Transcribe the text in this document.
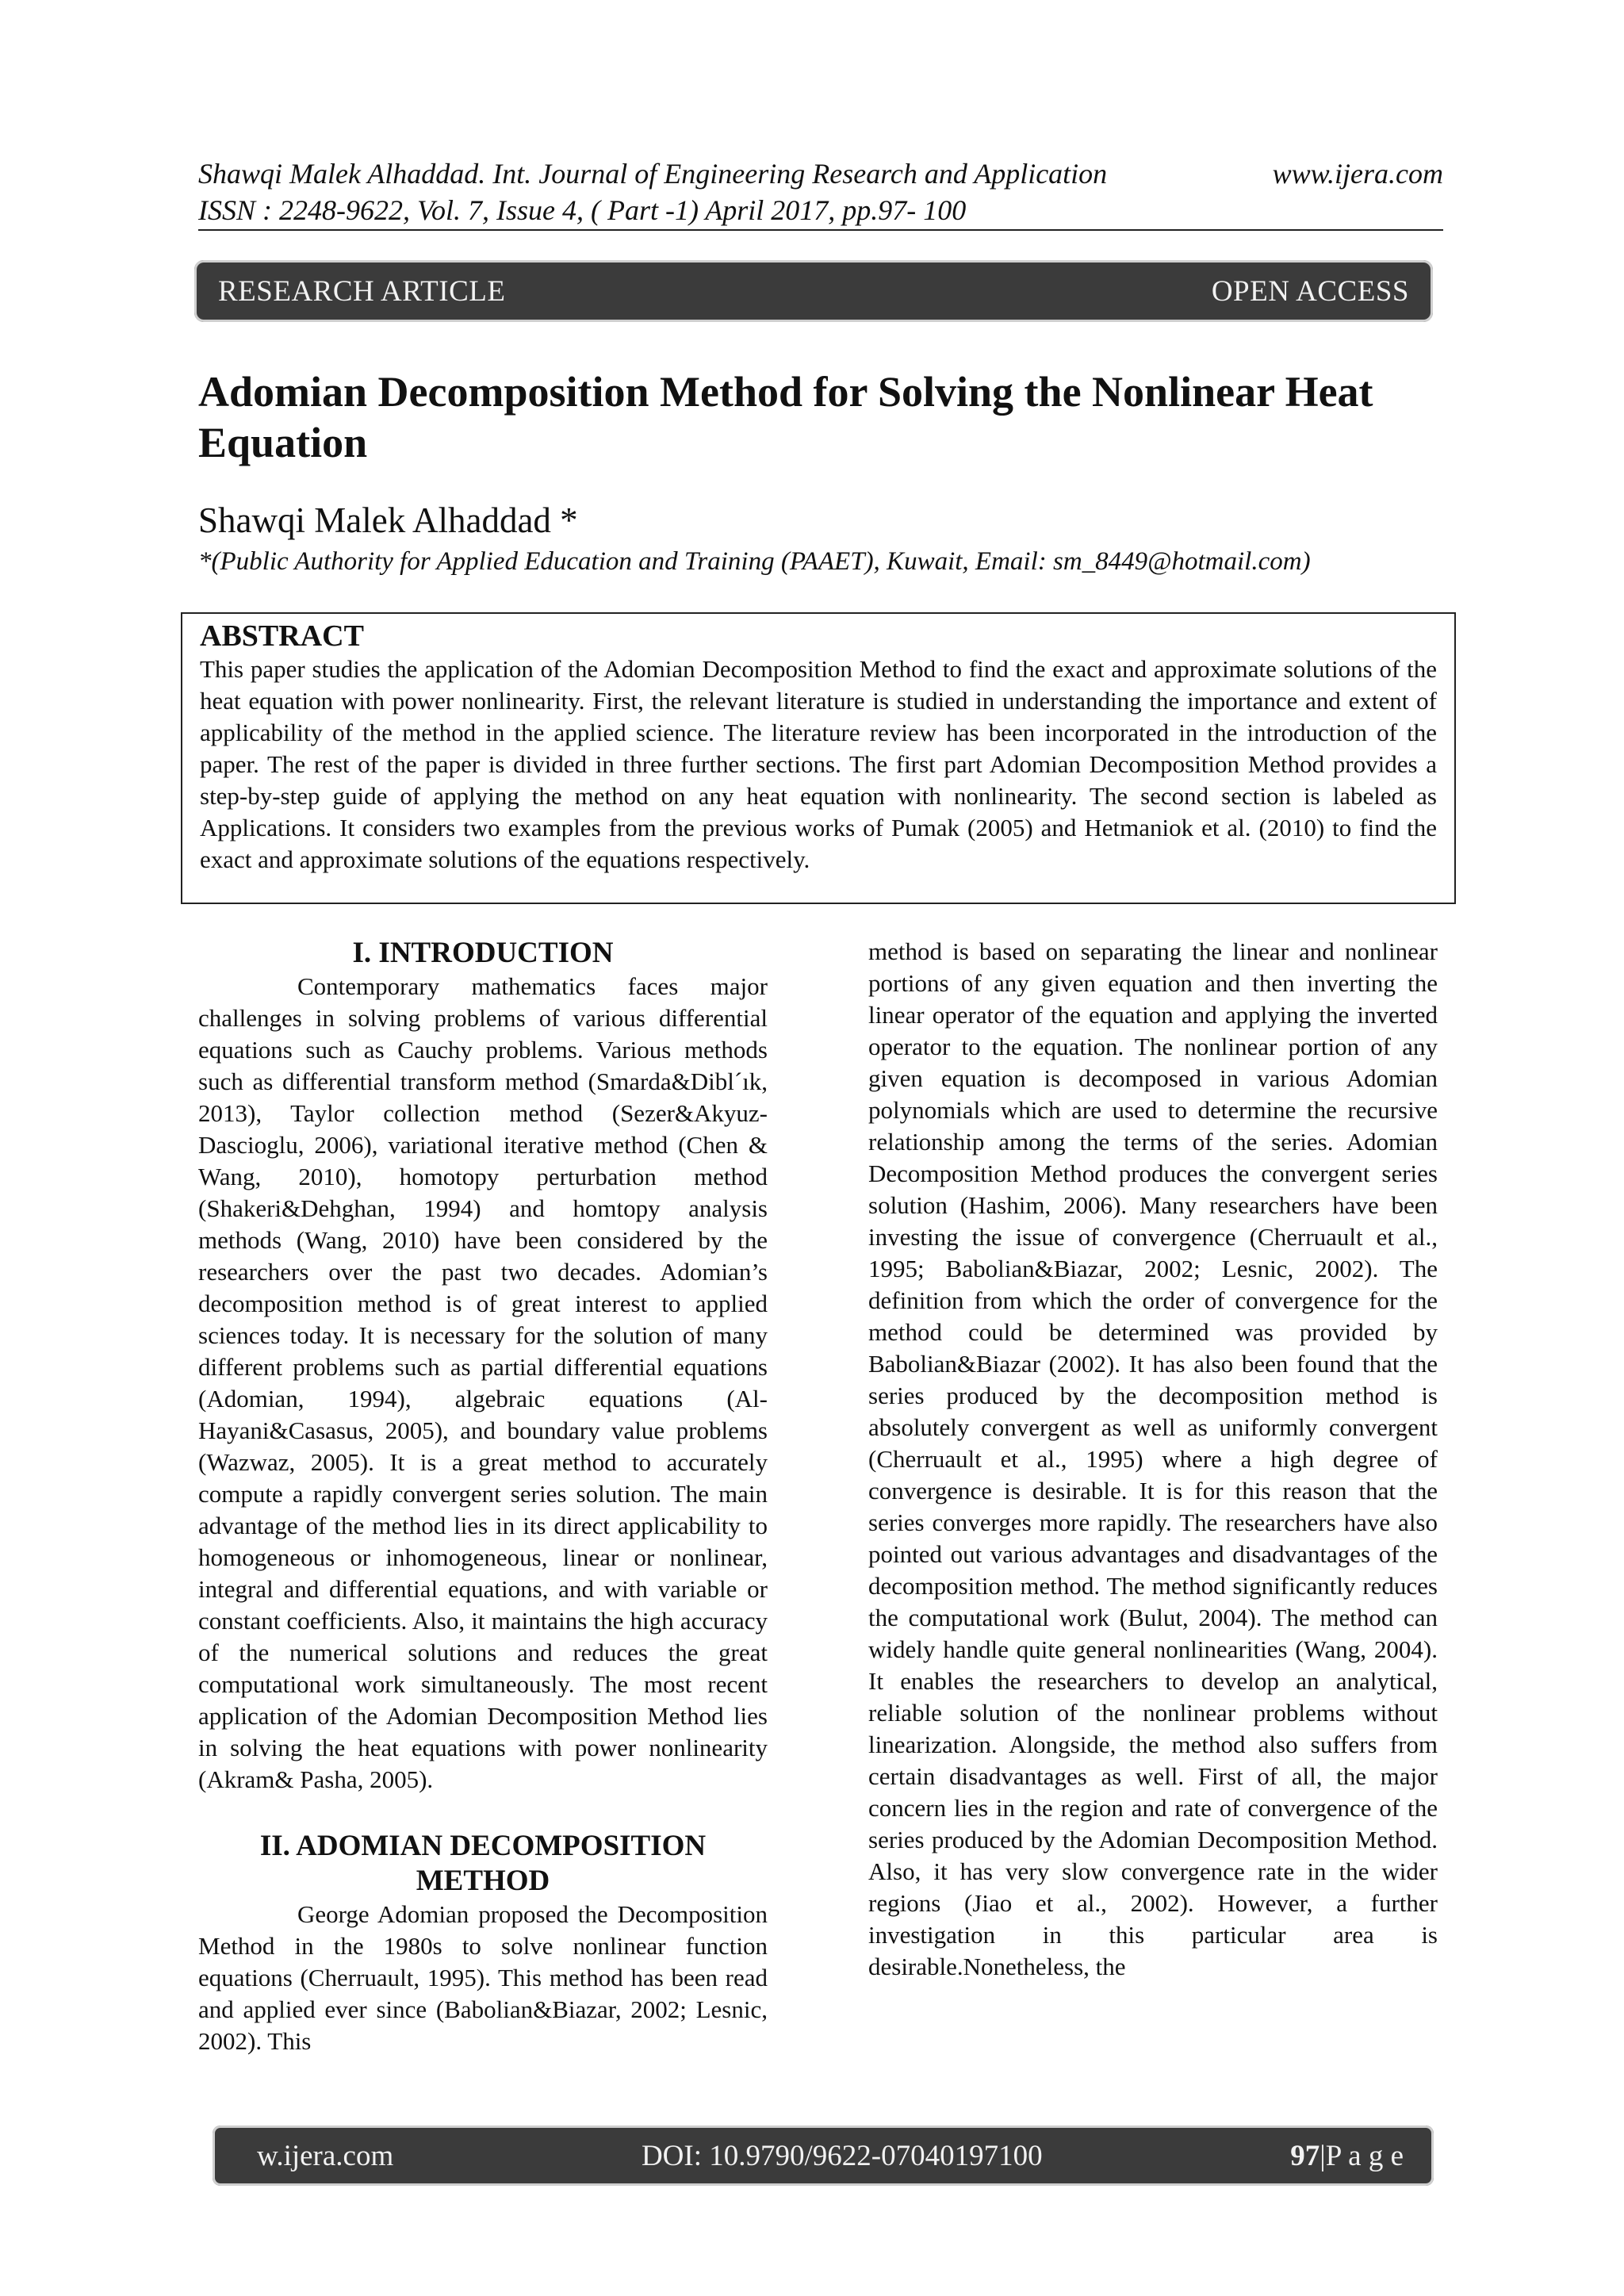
Shawqi Malek Alhaddad. Int. Journal of Engineering Research and Application	www.ijera.com
ISSN : 2248-9622, Vol. 7, Issue 4, ( Part -1) April 2017, pp.97- 100
RESEARCH ARTICLE	OPEN ACCESS
Adomian Decomposition Method for Solving the Nonlinear Heat Equation
Shawqi Malek Alhaddad *
*(Public Authority for Applied Education and Training (PAAET), Kuwait, Email: sm_8449@hotmail.com)
ABSTRACT

This paper studies the application of the Adomian Decomposition Method to find the exact and approximate solutions of the heat equation with power nonlinearity. First, the relevant literature is studied in understanding the importance and extent of applicability of the method in the applied science. The literature review has been incorporated in the introduction of the paper. The rest of the paper is divided in three further sections. The first part Adomian Decomposition Method provides a step-by-step guide of applying the method on any heat equation with nonlinearity. The second section is labeled as Applications. It considers two examples from the previous works of Pumak (2005) and Hetmaniok et al. (2010) to find the exact and approximate solutions of the equations respectively.

I. INTRODUCTION

Contemporary mathematics faces major challenges in solving problems of various differential equations such as Cauchy problems. Various methods such as differential transform method (Smarda&Dibl´ık, 2013), Taylor collection method (Sezer&Akyuz-Dascioglu, 2006), variational iterative method (Chen & Wang, 2010), homotopy perturbation method (Shakeri&Dehghan, 1994) and homtopy analysis methods (Wang, 2010) have been considered by the researchers over the past two decades. Adomian’s decomposition method is of great interest to applied sciences today. It is necessary for the solution of many different problems such as partial differential equations (Adomian, 1994), algebraic equations (Al-Hayani&Casasus, 2005), and boundary value problems (Wazwaz, 2005). It is a great method to accurately compute a rapidly convergent series solution. The main advantage of the method lies in its direct applicability to homogeneous or inhomogeneous, linear or nonlinear, integral and differential equations, and with variable or constant coefficients. Also, it maintains the high accuracy of the numerical solutions and reduces the great computational work simultaneously. The most recent application of the Adomian Decomposition Method lies in solving the heat equations with power nonlinearity (Akram& Pasha, 2005).

II. ADOMIAN DECOMPOSITION METHOD

George Adomian proposed the Decomposition Method in the 1980s to solve nonlinear function equations (Cherruault, 1995). This method has been read and applied ever since (Babolian&Biazar, 2002; Lesnic, 2002). This

method is based on separating the linear and nonlinear portions of any given equation and then inverting the linear operator of the equation and applying the inverted operator to the equation. The nonlinear portion of any given equation is decomposed in various Adomian polynomials which are used to determine the recursive relationship among the terms of the series. Adomian Decomposition Method produces the convergent series solution (Hashim, 2006). Many researchers have been investing the issue of convergence (Cherruault et al., 1995; Babolian&Biazar, 2002; Lesnic, 2002). The definition from which the order of convergence for the method could be determined was provided by Babolian&Biazar (2002). It has also been found that the series produced by the decomposition method is absolutely convergent as well as uniformly convergent (Cherruault et al., 1995) where a high degree of convergence is desirable. It is for this reason that the series converges more rapidly. The researchers have also pointed out various advantages and disadvantages of the decomposition method. The method significantly reduces the computational work (Bulut, 2004). The method can widely handle quite general nonlinearities (Wang, 2004). It enables the researchers to develop an analytical, reliable solution of the nonlinear problems without linearization. Alongside, the method also suffers from certain disadvantages as well. First of all, the major concern lies in the region and rate of convergence of the series produced by the Adomian Decomposition Method. Also, it has very slow convergence rate in the wider regions (Jiao et al., 2002). However, a further investigation in this particular area is desirable.Nonetheless, the

w.ijera.com	DOI: 10.9790/9622-07040197100	97|P a g e
